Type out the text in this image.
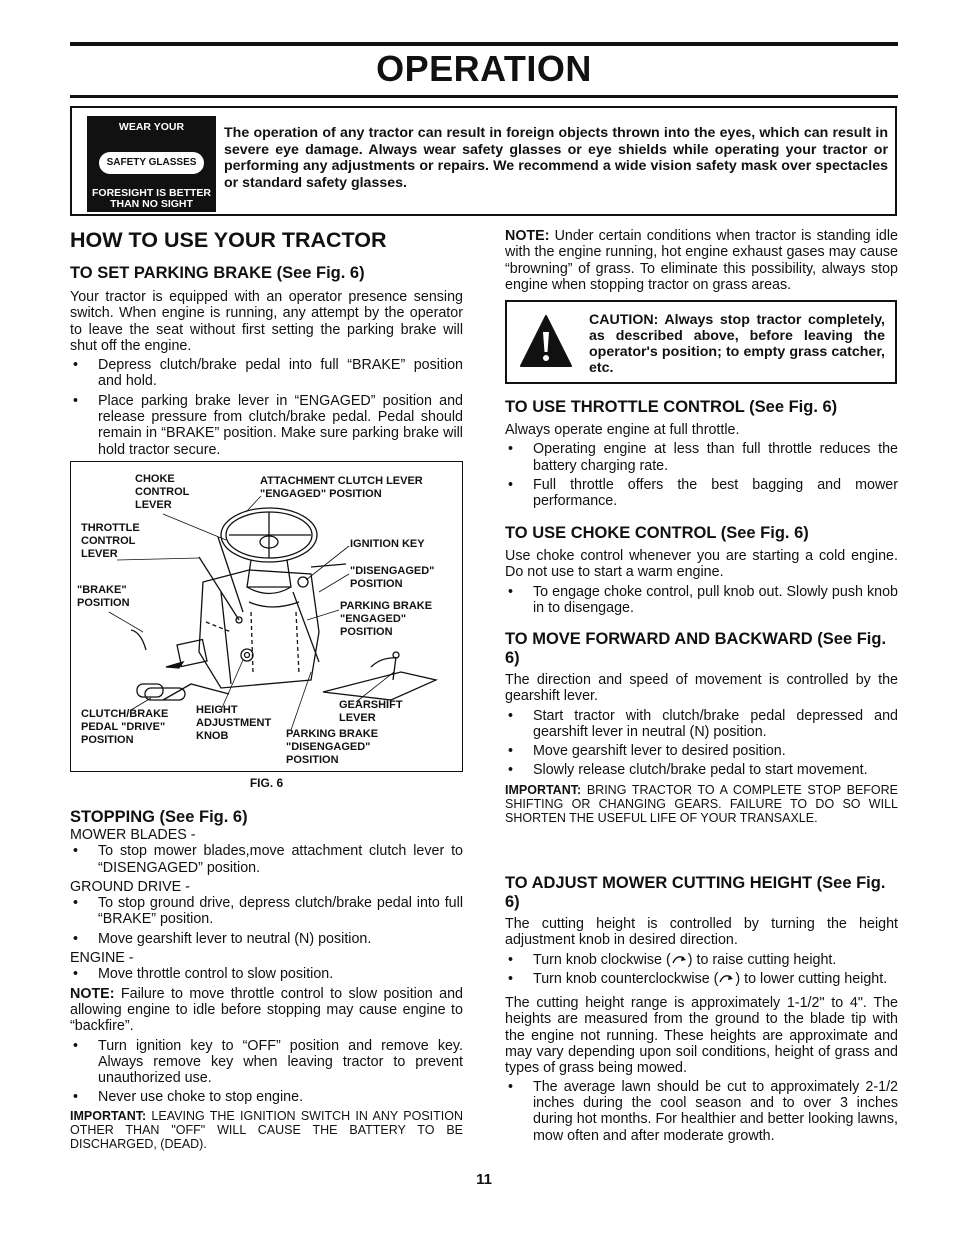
OPERATION
WEAR YOUR
SAFETY GLASSES
FORESIGHT IS BETTER
THAN NO SIGHT
The operation of any tractor can result in foreign objects thrown into the eyes, which can result in severe eye damage. Always wear safety glasses or eye shields while operating your tractor or performing any adjustments or repairs. We recommend a wide vision safety mask over spectacles or standard safety glasses.
HOW TO USE YOUR TRACTOR
TO SET PARKING BRAKE (See Fig. 6)
Your tractor is equipped with an operator presence sensing switch. When engine is running, any attempt by the operator to leave the seat without first setting the parking brake will shut off the engine.
• Depress clutch/brake pedal into full “BRAKE” position and hold.
• Place parking brake lever in “ENGAGED” position and release pressure from clutch/brake pedal. Pedal should remain in “BRAKE” position. Make sure parking brake will hold tractor secure.
CHOKE
CONTROL
LEVER
ATTACHMENT CLUTCH LEVER
"ENGAGED" POSITION
THROTTLE
CONTROL
LEVER
IGNITION KEY
"DISENGAGED"
POSITION
"BRAKE"
POSITION	PARKING BRAKE
"ENGAGED"
POSITION
GEARSHIFT
LEVER
CLUTCH/BRAKE
PEDAL "DRIVE"
POSITION
HEIGHT
ADJUSTMENT
KNOB	PARKING BRAKE
"DISENGAGED"
POSITION
FIG. 6
STOPPING (See Fig. 6)
MOWER BLADES -
• To stop mower blades,move attachment clutch lever to “DISENGAGED” position.
GROUND DRIVE -
• To stop ground drive, depress clutch/brake pedal into full “BRAKE” position.
• Move gearshift lever to neutral (N) position.
ENGINE -
• Move throttle control to slow position.
NOTE: Failure to move throttle control to slow position and allowing engine to idle before stopping may cause engine to “backfire”.
• Turn ignition key to “OFF” position and remove key. Always remove key when leaving tractor to prevent unauthorized use.
• Never use choke to stop engine.
IMPORTANT: LEAVING THE IGNITION SWITCH IN ANY POSITION OTHER THAN "OFF" WILL CAUSE THE BATTERY TO BE DISCHARGED, (DEAD).
NOTE: Under certain conditions when tractor is standing idle with the engine running, hot engine exhaust gases may cause “browning” of grass. To eliminate this possibility, always stop engine when stopping tractor on grass areas.
CAUTION: Always stop tractor completely, as described above, before leaving the operator's position; to empty grass catcher, etc.
TO USE THROTTLE CONTROL (See Fig. 6)
Always operate engine at full throttle.
• Operating engine at less than full throttle reduces the battery charging rate.
• Full throttle offers the best bagging and mower performance.
TO USE CHOKE CONTROL (See Fig. 6)
Use choke control whenever you are starting a cold engine. Do not use to start a warm engine.
• To engage choke control, pull knob out. Slowly push knob in to disengage.
TO MOVE FORWARD AND BACKWARD (See Fig. 6)
The direction and speed of movement is controlled by the gearshift lever.
• Start tractor with clutch/brake pedal depressed and gearshift lever in neutral (N) position.
• Move gearshift lever to desired position.
• Slowly release clutch/brake pedal to start movement.
IMPORTANT: BRING TRACTOR TO A COMPLETE STOP BEFORE SHIFTING OR CHANGING GEARS. FAILURE TO DO SO WILL SHORTEN THE USEFUL LIFE OF YOUR TRANSAXLE.
TO ADJUST MOWER CUTTING HEIGHT (See Fig. 6)
The cutting height is controlled by turning the height adjustment knob in desired direction.
• Turn knob clockwise ( ) to raise cutting height.
• Turn knob counterclockwise ( ) to lower cutting height.
The cutting height range is approximately 1-1/2" to 4". The heights are measured from the ground to the blade tip with the engine not running. These heights are approximate and may vary depending upon soil conditions, height of grass and types of grass being mowed.
• The average lawn should be cut to approximately 2-1/2 inches during the cool season and to over 3 inches during hot months. For healthier and better looking lawns, mow often and after moderate growth.
11
